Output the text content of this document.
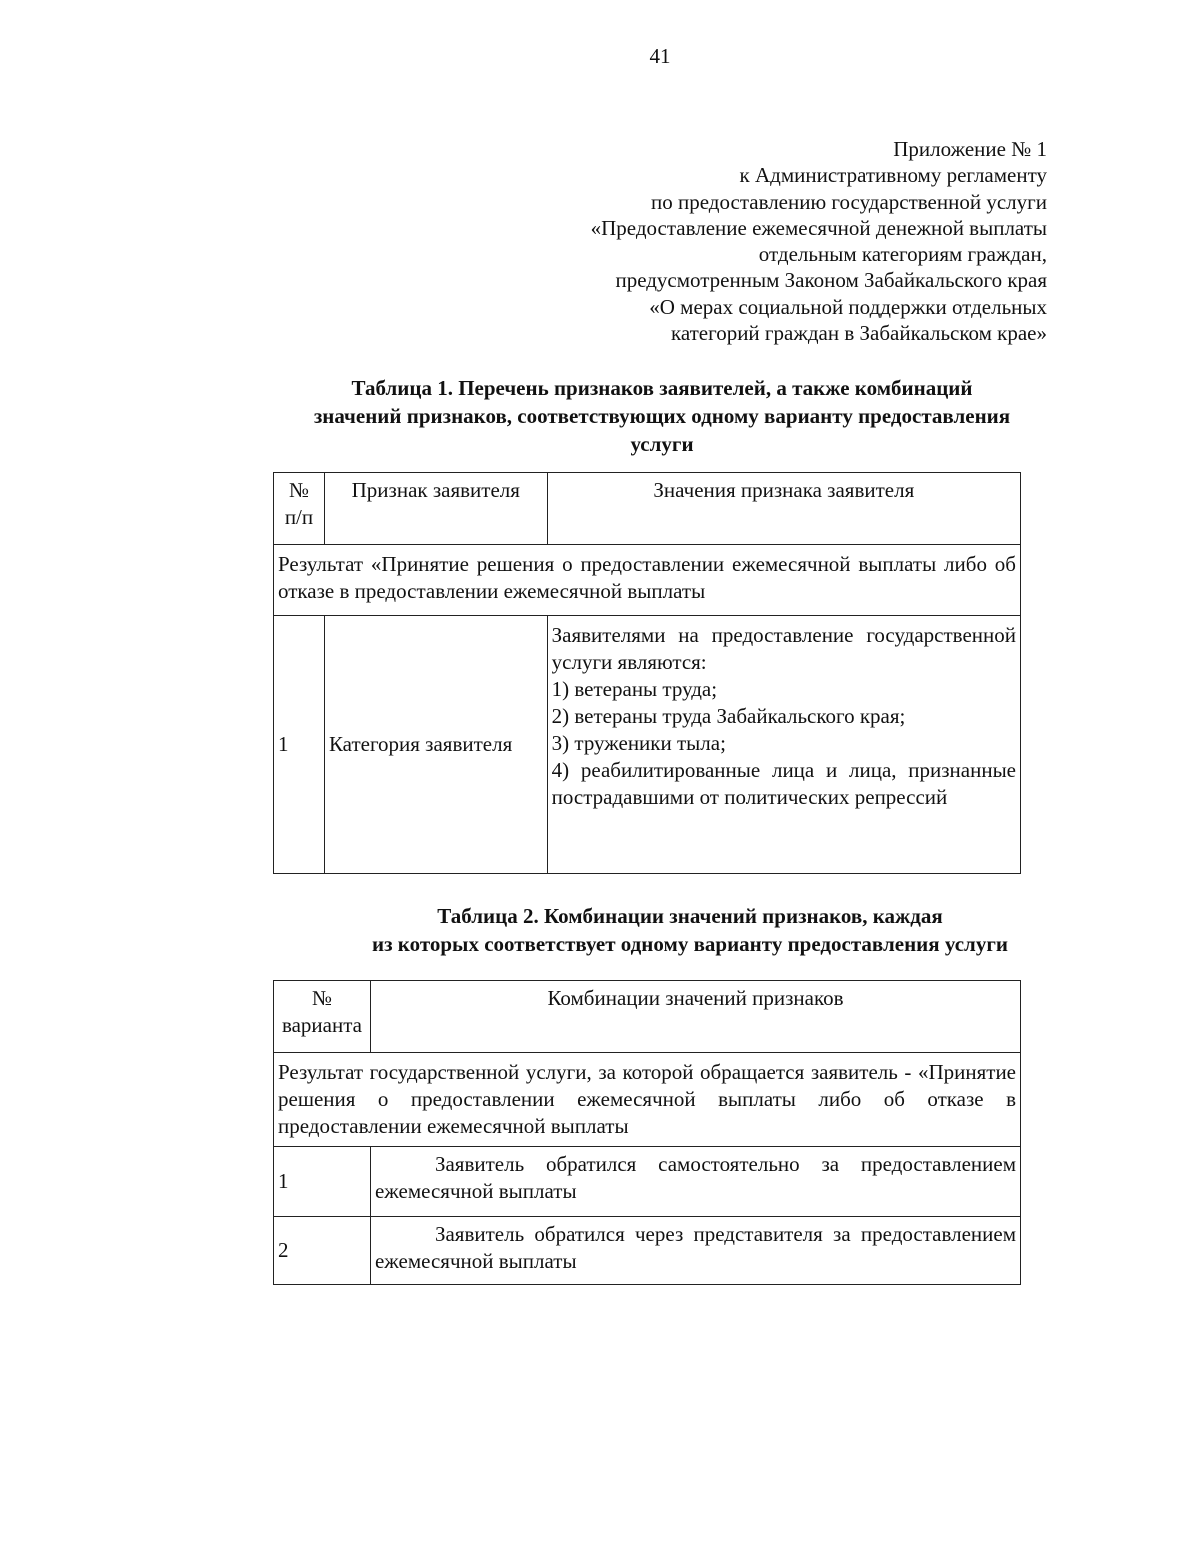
41
Приложение № 1
к Административному регламенту
по предоставлению государственной услуги
«Предоставление ежемесячной денежной выплаты
отдельным категориям граждан,
предусмотренным Законом Забайкальского края
«О мерах социальной поддержки отдельных
категорий граждан в Забайкальском крае»
Таблица 1. Перечень признаков заявителей, а также комбинаций
значений признаков, соответствующих одному варианту предоставления
услуги
№
п/п	Признак заявителя	Значения признака заявителя
Результат «Принятие решения о предоставлении ежемесячной выплаты либо об отказе в предоставлении ежемесячной выплаты		
1	Категория заявителя	Заявителями на предоставление государственной услуги являются:
1) ветераны труда;
2) ветераны труда Забайкальского края;
3) труженики тыла;
4) реабилитированные лица и лица, признанные пострадавшими от политических репрессий
Таблица 2. Комбинации значений признаков, каждая
из которых соответствует одному варианту предоставления услуги
№
варианта	Комбинации значений признаков
Результат государственной услуги, за которой обращается заявитель - «Принятие решения о предоставлении ежемесячной выплаты либо об отказе в предоставлении ежемесячной выплаты	
1	Заявитель обратился самостоятельно за предоставлением ежемесячной выплаты
2	Заявитель обратился через представителя за предоставлением ежемесячной выплаты
